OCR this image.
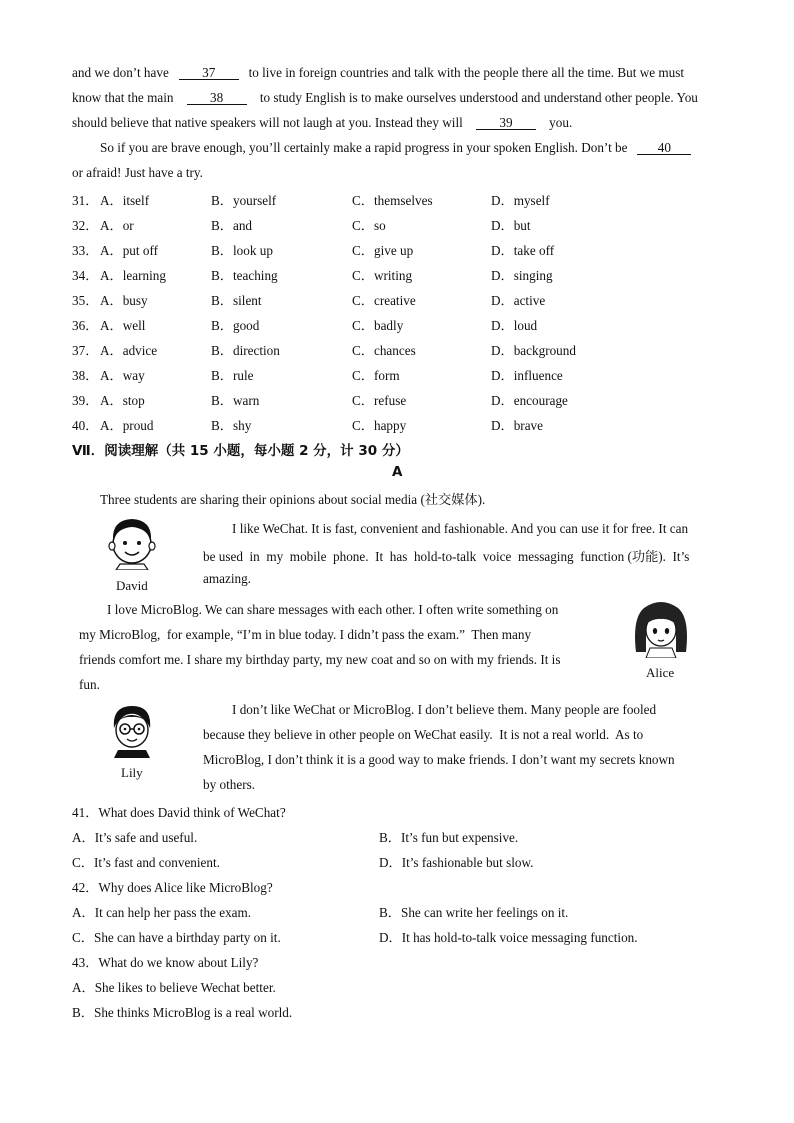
and we don’t have	37	to live in foreign countries and talk with the people there all the time. But we must
know that the main	38	to study English is to make ourselves understood and understand other people. You
should believe that native speakers will not laugh at you. Instead they will	39	you.
So if you are brave enough, you’ll certainly make a rapid progress in your spoken English. Don’t be 40
or afraid! Just have a try.
31． A．itself	B．yourself	C．themselves	D．myself
32． A．or	B．and	C．so	D．but
33． A．put off	B．look up	C．give up	D．take off
34． A．learning	B．teaching	C．writing	D．singing
35． A．busy	B．silent	C．creative	D．active
36． A．well	B．good	C．badly	D．loud
37． A．advice	B．direction	C．chances	D．background
38． A．way	B．rule	C．form	D．influence
39． A．stop	B．warn	C．refuse	D．encourage
40． A．proud	B．shy	C．happy	D．brave
Ⅶ．阅读理解（共 15 小题，每小题 2 分，计 30 分）
A
Three students are sharing their opinions about social media (社交媒体).
David
I like WeChat. It is fast, convenient and fashionable. And you can use it for free. It can
be used  in  my  mobile  phone.  It  has  hold-to-talk  voice  messaging  function (功能).  It’s
amazing.
I love MicroBlog. We can share messages with each other. I often write something on
my MicroBlog,  for example, “I’m in blue today. I didn’t pass the exam.”  Then many
friends comfort me. I share my birthday party, my new coat and so on with my friends. It is
fun.
Alice
Lily
I don’t like WeChat or MicroBlog. I don’t believe them. Many people are fooled
because they believe in other people on WeChat easily.  It is not a real world.  As to
MicroBlog, I don’t think it is a good way to make friends. I don’t want my secrets known
by others.
41．What does David think of WeChat?
A．It’s safe and useful.	B．It’s fun but expensive.
C．It’s fast and convenient.	D．It’s fashionable but slow.
42．Why does Alice like MicroBlog?
A．It can help her pass the exam.	B．She can write her feelings on it.
C．She can have a birthday party on it.	D．It has hold-to-talk voice messaging function.
43．What do we know about Lily?
A．She likes to believe Wechat better.
B．She thinks MicroBlog is a real world.
